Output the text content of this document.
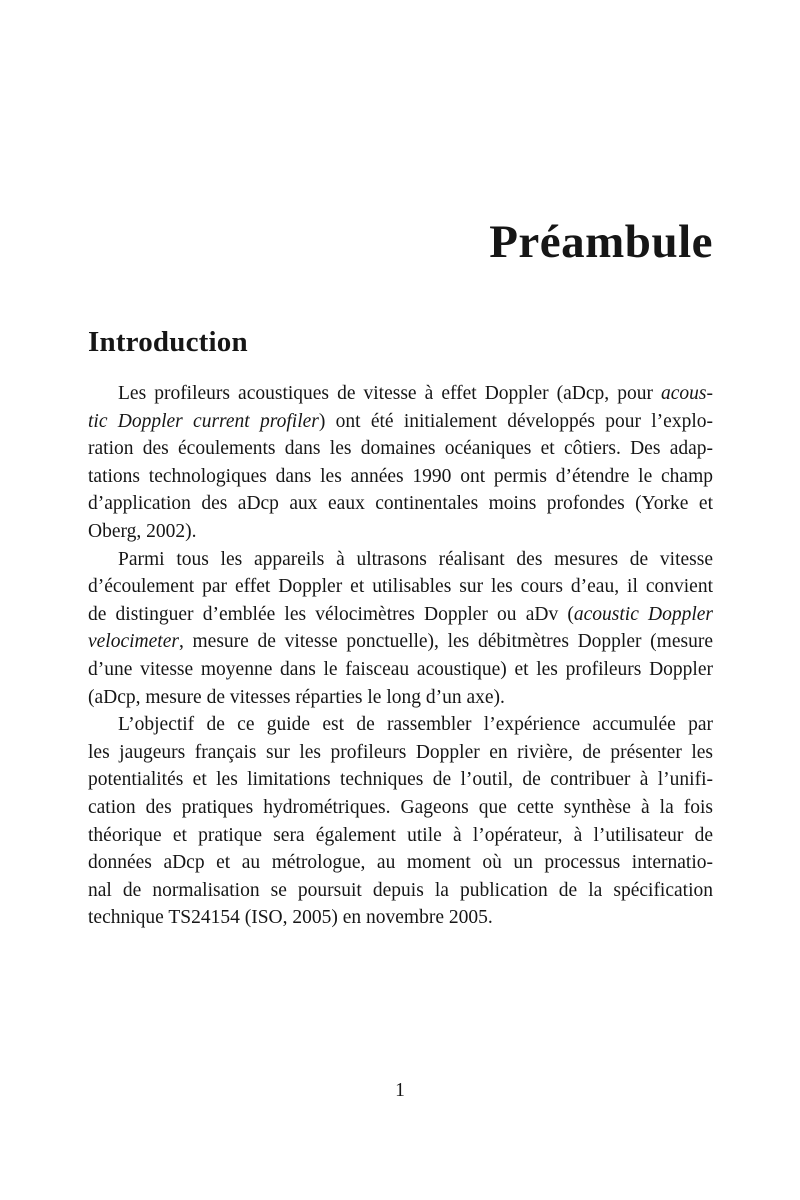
Préambule
Introduction
Les profileurs acoustiques de vitesse à effet Doppler (aDcp, pour acous-
tic Doppler current profiler) ont été initialement développés pour l’explo-
ration des écoulements dans les domaines océaniques et côtiers. Des adap-
tations technologiques dans les années 1990 ont permis d’étendre le champ
d’application des aDcp aux eaux continentales moins profondes (Yorke et
Oberg, 2002).
Parmi tous les appareils à ultrasons réalisant des mesures de vitesse
d’écoulement par effet Doppler et utilisables sur les cours d’eau, il convient
de distinguer d’emblée les vélocimètres Doppler ou aDv (acoustic Doppler
velocimeter, mesure de vitesse ponctuelle), les débitmètres Doppler (mesure
d’une vitesse moyenne dans le faisceau acoustique) et les profileurs Doppler
(aDcp, mesure de vitesses réparties le long d’un axe).
L’objectif de ce guide est de rassembler l’expérience accumulée par
les jaugeurs français sur les profileurs Doppler en rivière, de présenter les
potentialités et les limitations techniques de l’outil, de contribuer à l’unifi-
cation des pratiques hydrométriques. Gageons que cette synthèse à la fois
théorique et pratique sera également utile à l’opérateur, à l’utilisateur de
données aDcp et au métrologue, au moment où un processus internatio-
nal de normalisation se poursuit depuis la publication de la spécification
technique TS24154 (ISO, 2005) en novembre 2005.
1
